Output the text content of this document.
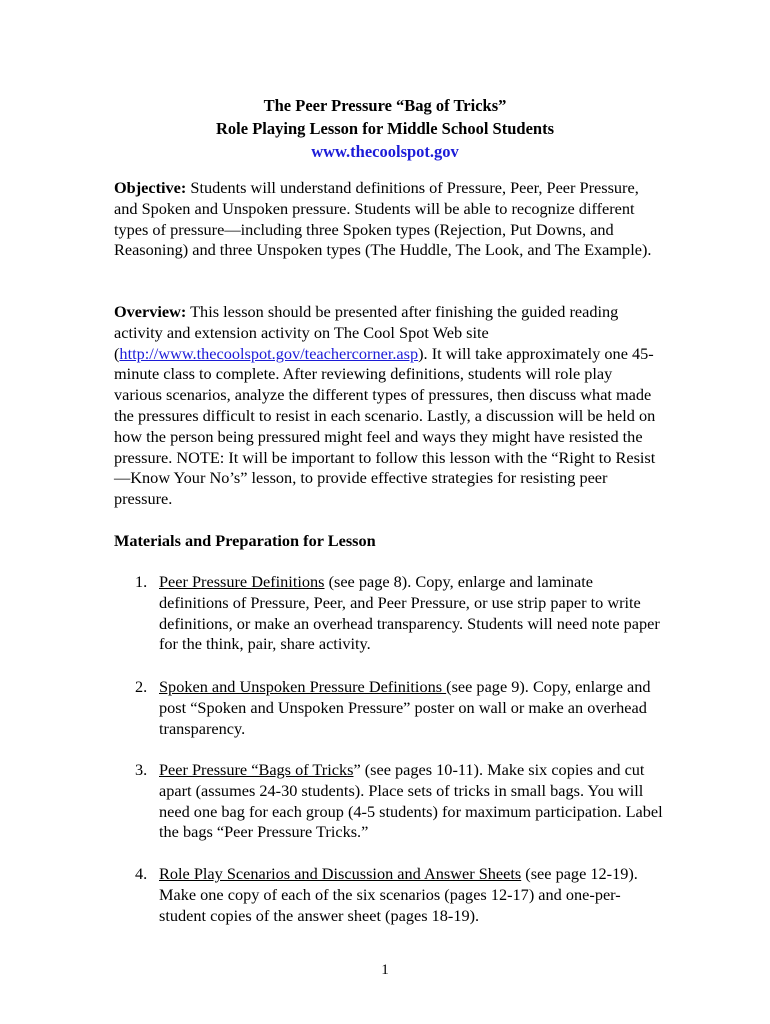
The Peer Pressure “Bag of Tricks”
Role Playing Lesson for Middle School Students
www.thecoolspot.gov
Objective: Students will understand definitions of Pressure, Peer, Peer Pressure, and Spoken and Unspoken pressure. Students will be able to recognize different types of pressure—including three Spoken types (Rejection, Put Downs, and Reasoning) and three Unspoken types (The Huddle, The Look, and The Example).
Overview: This lesson should be presented after finishing the guided reading activity and extension activity on The Cool Spot Web site (http://www.thecoolspot.gov/teachercorner.asp). It will take approximately one 45-minute class to complete. After reviewing definitions, students will role play various scenarios, analyze the different types of pressures, then discuss what made the pressures difficult to resist in each scenario. Lastly, a discussion will be held on how the person being pressured might feel and ways they might have resisted the pressure. NOTE: It will be important to follow this lesson with the “Right to Resist—Know Your No’s” lesson, to provide effective strategies for resisting peer pressure.
Materials and Preparation for Lesson
1. Peer Pressure Definitions (see page 8). Copy, enlarge and laminate definitions of Pressure, Peer, and Peer Pressure, or use strip paper to write definitions, or make an overhead transparency. Students will need note paper for the think, pair, share activity.
2. Spoken and Unspoken Pressure Definitions (see page 9). Copy, enlarge and post “Spoken and Unspoken Pressure” poster on wall or make an overhead transparency.
3. Peer Pressure “Bags of Tricks” (see pages 10-11). Make six copies and cut apart (assumes 24-30 students). Place sets of tricks in small bags. You will need one bag for each group (4-5 students) for maximum participation. Label the bags “Peer Pressure Tricks.”
4. Role Play Scenarios and Discussion and Answer Sheets (see page 12-19). Make one copy of each of the six scenarios (pages 12-17) and one-per-student copies of the answer sheet (pages 18-19).
1
